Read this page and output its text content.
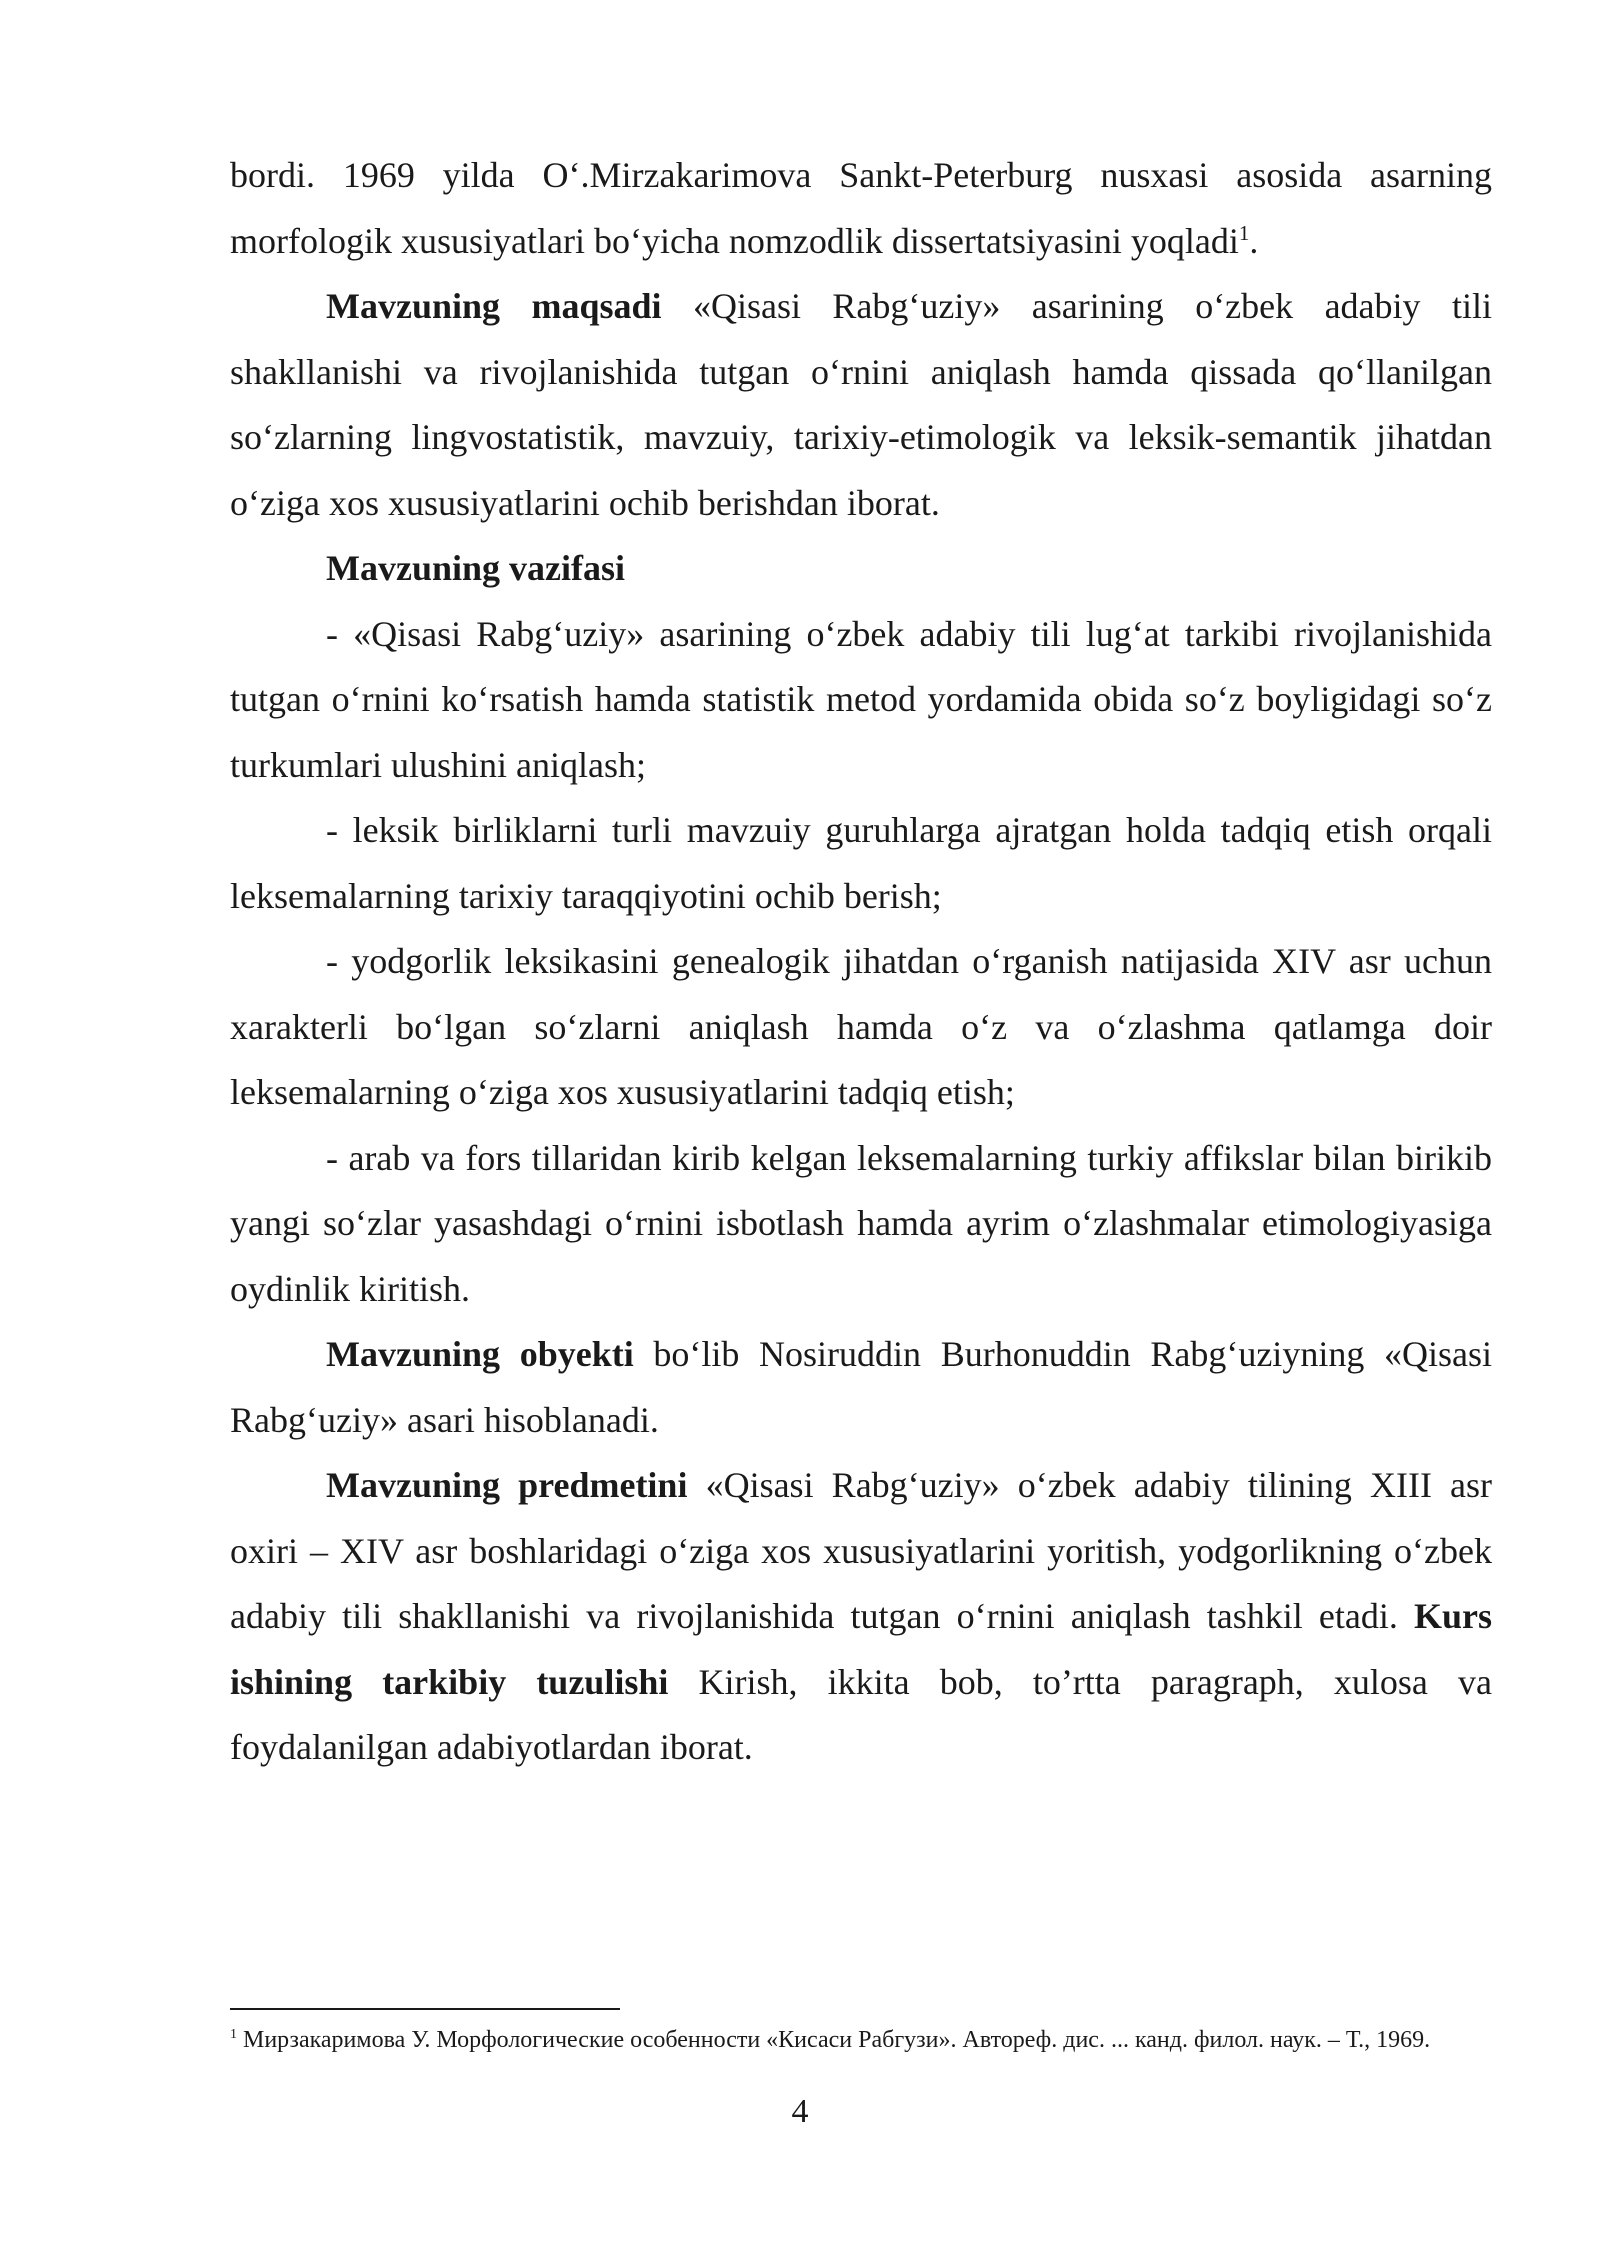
bordi. 1969 yilda O‘.Mirzakarimova Sankt-Peterburg nusxasi asosida asarning morfologik xususiyatlari bo‘yicha nomzodlik dissertatsiyasini yoqladi$^1$.

Mavzuning maqsadi «Qisasi Rabg‘uziy» asarining o‘zbek adabiy tili shakllanishi va rivojlanishida tutgan o‘rnini aniqlash hamda qissada qo‘llanilgan so‘zlarning lingvostatistik, mavzuiy, tarixiy-etimologik va leksik-semantik jihatdan o‘ziga xos xususiyatlarini ochib berishdan iborat.

Mavzuning vazifasi

- «Qisasi Rabg‘uziy» asarining o‘zbek adabiy tili lug‘at tarkibi rivojlanishida tutgan o‘rnini ko‘rsatish hamda statistik metod yordamida obida so‘z boyligidagi so‘z turkumlari ulushini aniqlash;

- leksik birliklarni turli mavzuiy guruhlarga ajratgan holda tadqiq etish orqali leksemalarning tarixiy taraqqiyotini ochib berish;

- yodgorlik leksikasini genealogik jihatdan o‘rganish natijasida XIV asr uchun xarakterli bo‘lgan so‘zlarni aniqlash hamda o‘z va o‘zlashma qatlamga doir leksemalarning o‘ziga xos xususiyatlarini tadqiq etish;

- arab va fors tillaridan kirib kelgan leksemalarning turkiy affikslar bilan birikib yangi so‘zlar yasashdagi o‘rnini isbotlash hamda ayrim o‘zlashmalar etimologiyasiga oydinlik kiritish.

Mavzuning obyekti bo‘lib Nosiruddin Burhonuddin Rabg‘uziyning «Qisasi Rabg‘uziy» asari hisoblanadi.

Mavzuning predmetini «Qisasi Rabg‘uziy» o‘zbek adabiy tilining XIII asr oxiri – XIV asr boshlaridagi o‘ziga xos xususiyatlarini yoritish, yodgorlikning o‘zbek adabiy tili shakllanishi va rivojlanishida tutgan o‘rnini aniqlash tashkil etadi. Kurs ishining tarkibiy tuzulishi Kirish, ikkita bob, to’rtta paragraph, xulosa va foydalanilgan adabiyotlardan iborat.

$^1$ Мирзакаримова У. Морфологические особенности «Кисаси Рабгузи». Автореф. дис. ... канд. филол. наук. – Т., 1969.

4
